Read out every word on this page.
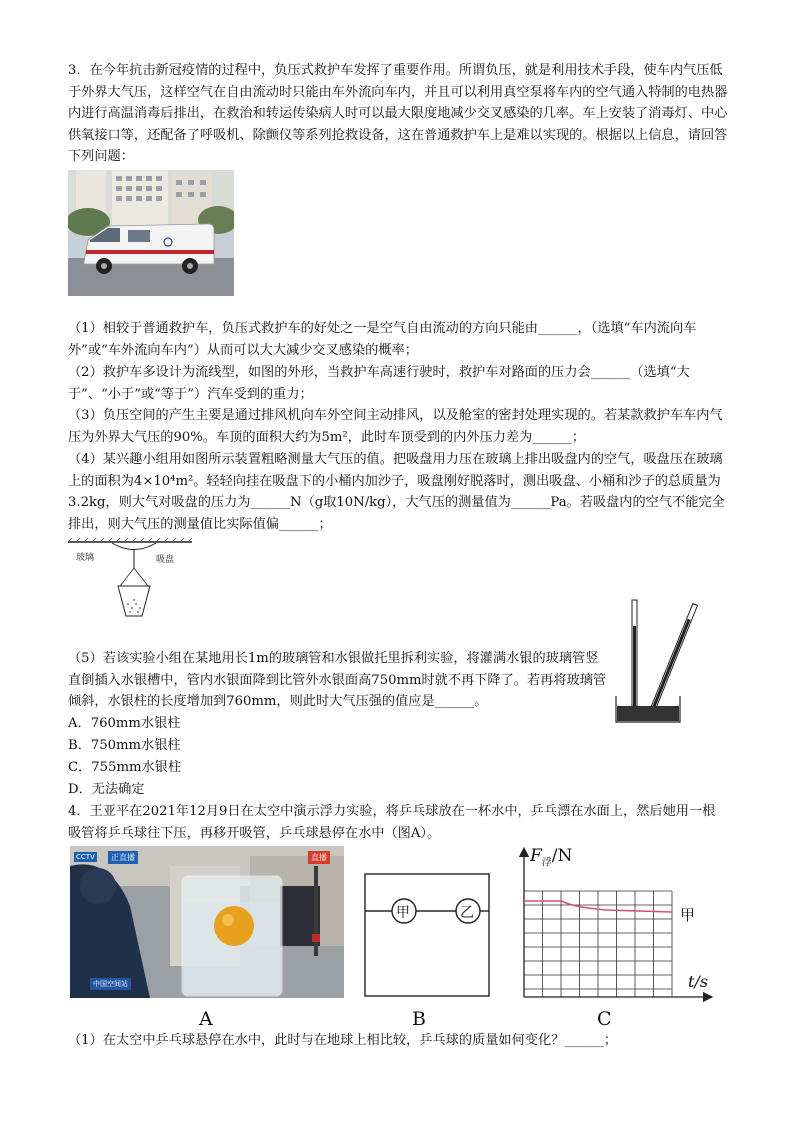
3．在今年抗击新冠疫情的过程中，负压式救护车发挥了重要作用。所谓负压，就是利用技术手段，使车内气压低于外界大气压，这样空气在自由流动时只能由车外流向车内，并且可以利用真空泵将车内的空气通入特制的电热器内进行高温消毒后排出，在救治和转运传染病人时可以最大限度地减少交叉感染的几率。车上安装了消毒灯、中心供氧接口等，还配备了呼吸机、除颤仪等系列抢救设备，这在普通救护车上是难以实现的。根据以上信息，请回答下列问题：

（1）相较于普通救护车，负压式救护车的好处之一是空气自由流动的方向只能由______，（选填“车内流向车外”或“车外流向车内”）从而可以大大减少交叉感染的概率；

（2）救护车多设计为流线型，如图的外形，当救护车高速行驶时，救护车对路面的压力会______（选填“大于”、“小于”或“等于”）汽车受到的重力；

（3）负压空间的产生主要是通过排风机向车外空间主动排风，以及舱室的密封处理实现的。若某款救护车车内气压为外界大气压的90%。车顶的面积大约为5m²，此时车顶受到的内外压力差为______；

（4）某兴趣小组用如图所示装置粗略测量大气压的值。把吸盘用力压在玻璃上排出吸盘内的空气，吸盘压在玻璃上的面积为4×10⁴m²。轻轻向挂在吸盘下的小桶内加沙子，吸盘刚好脱落时，测出吸盘、小桶和沙子的总质量为3.2kg，则大气对吸盘的压力为______N（g取10N/kg），大气压的测量值为______Pa。若吸盘内的空气不能完全排出，则大气压的测量值比实际值偏______；

玻璃	吸盘

（5）若该实验小组在某地用长1m的玻璃管和水银做托里拆利实验，将灌满水银的玻璃管竖直倒插入水银槽中，管内水银面降到比管外水银面高750mm时就不再下降了。若再将玻璃管倾斜，水银柱的长度增加到760mm，则此时大气压强的值应是______。

A．760mm水银柱

B．750mm水银柱

C．755mm水银柱

D．无法确定

4．王亚平在2021年12月9日在太空中演示浮力实验，将乒乓球放在一杯水中，乒乓漂在水面上，然后她用一根吸管将乒乓球往下压，再移开吸管，乒乓球悬停在水中（图A）。

CCTV	正直播	直播
中国空间站
A
甲	乙
B
$F_浮/N$
甲
t/s
C

（1）在太空中乒乓球悬停在水中，此时与在地球上相比较，乒乓球的质量如何变化？______；
